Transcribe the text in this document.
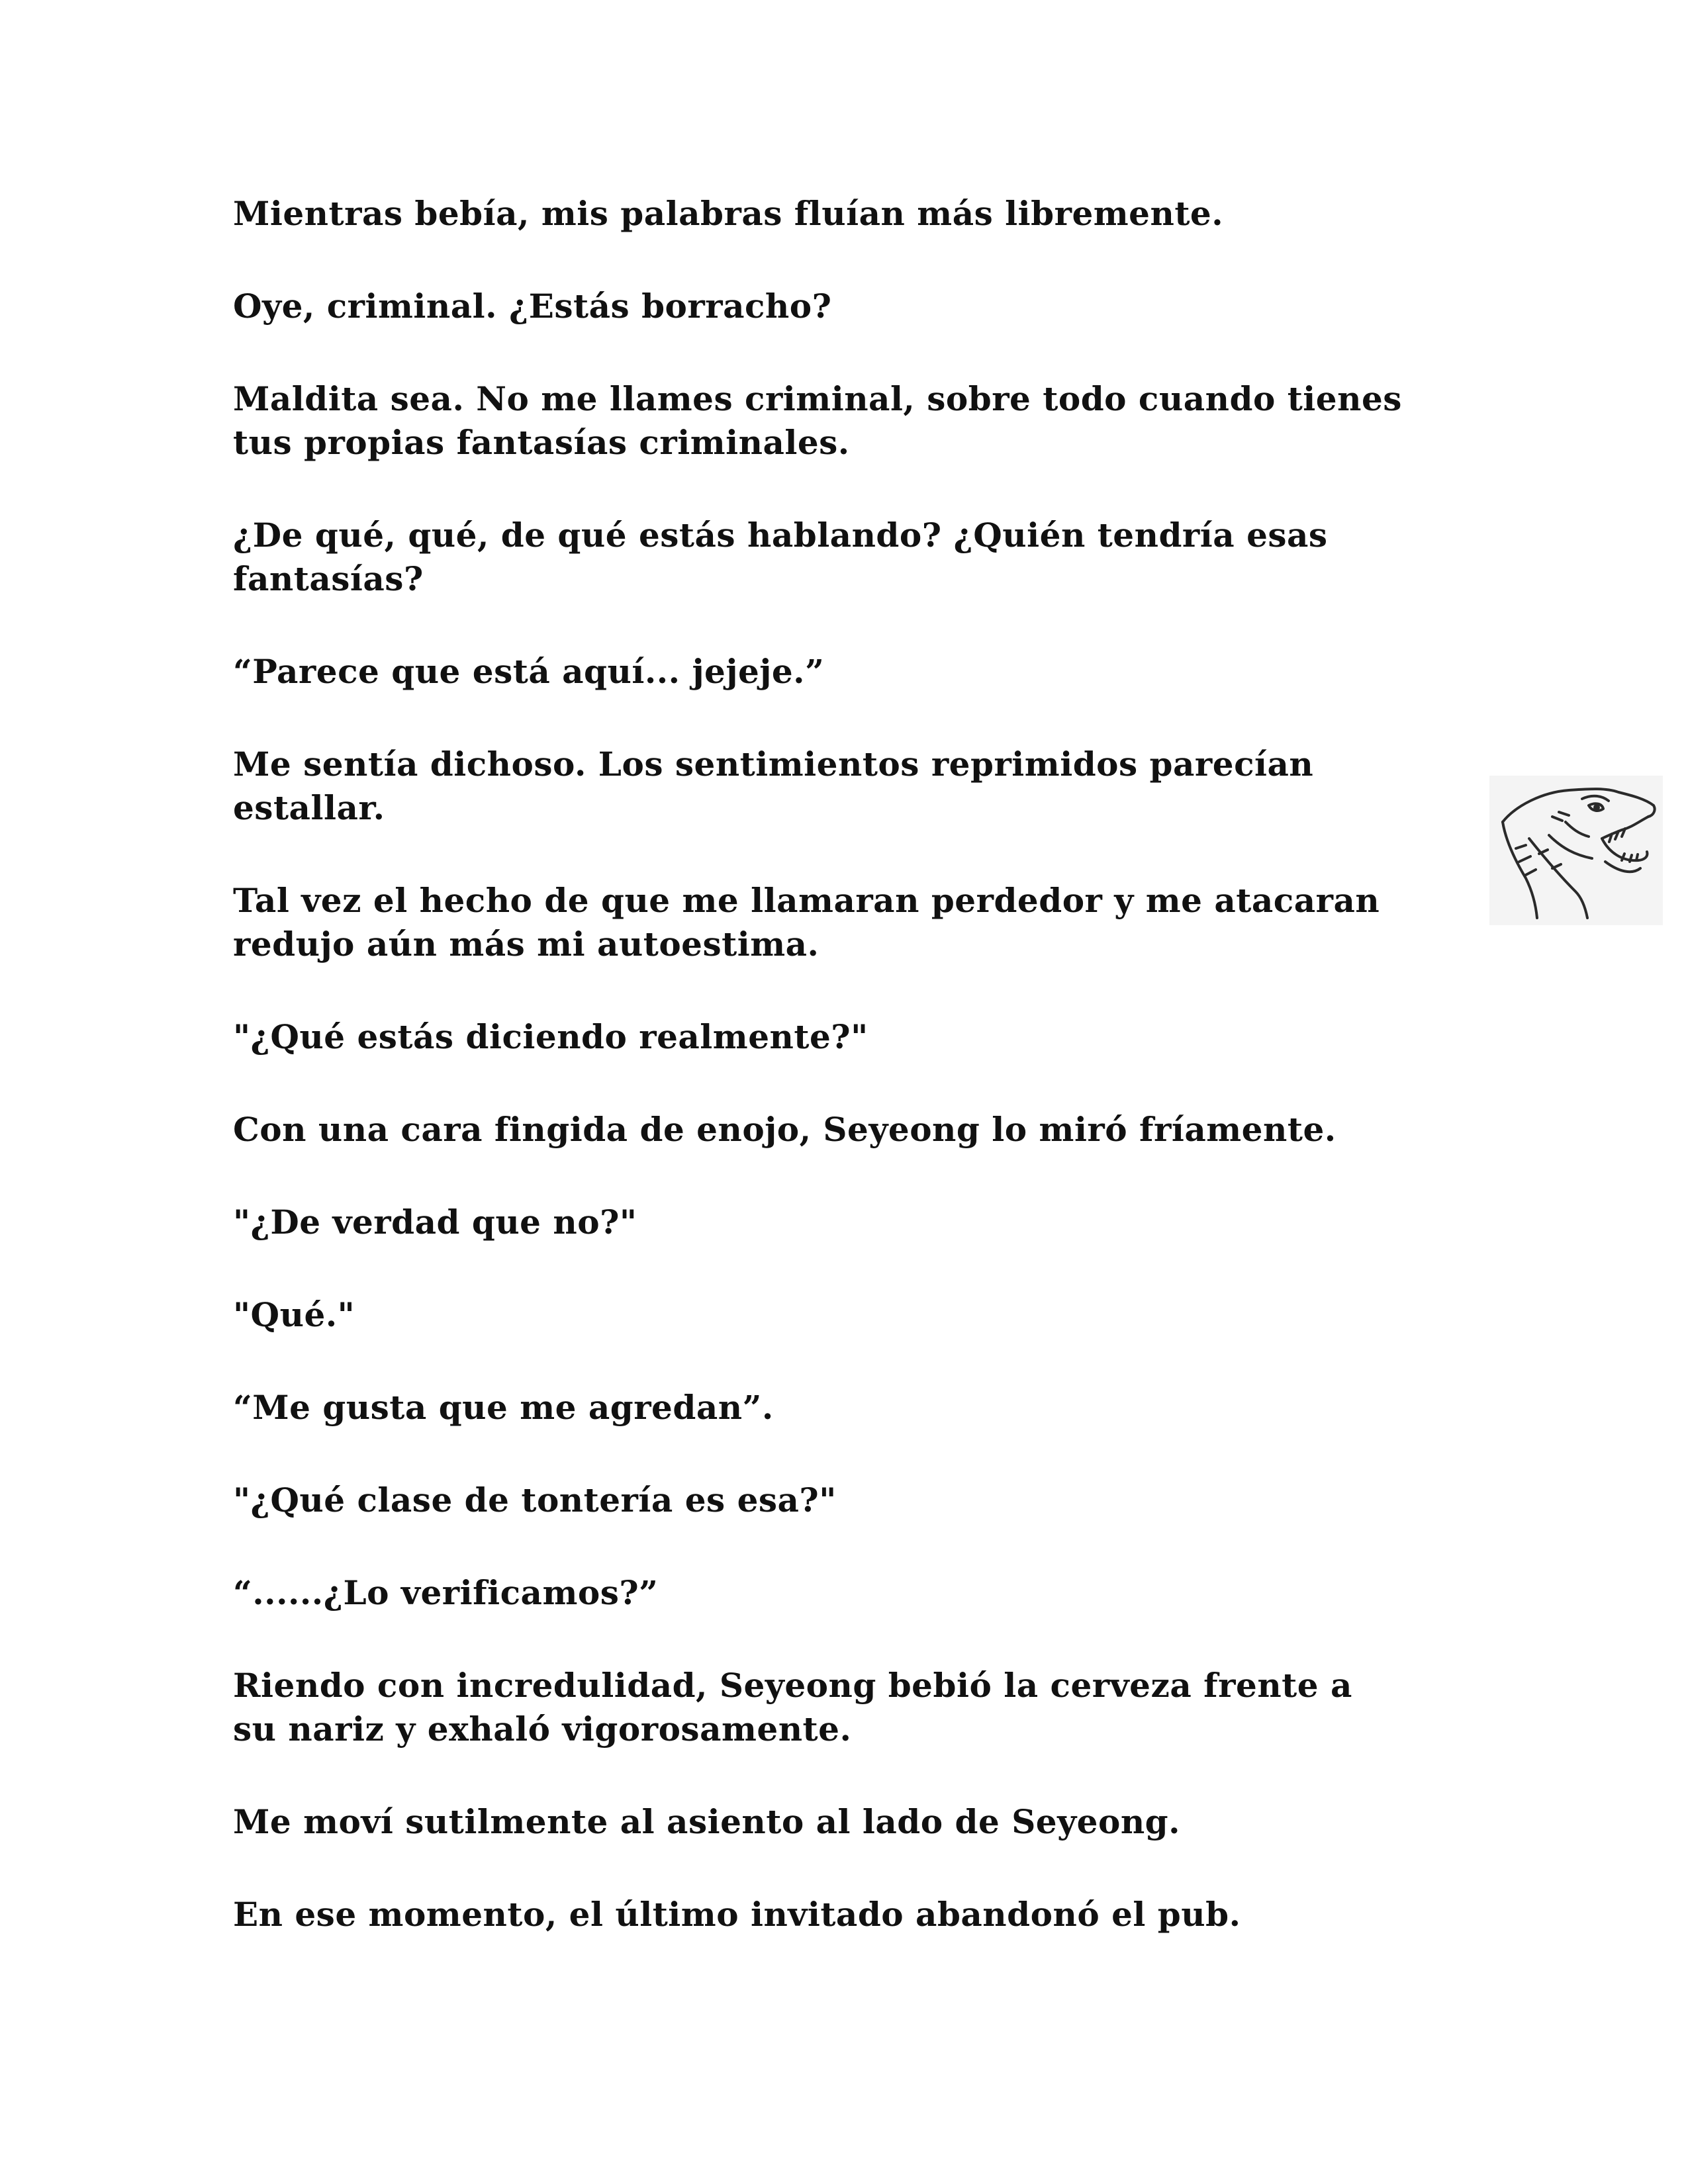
Mientras bebía, mis palabras fluían más libremente.

Oye, criminal. ¿Estás borracho?

Maldita sea. No me llames criminal, sobre todo cuando tienes
tus propias fantasías criminales.

¿De qué, qué, de qué estás hablando? ¿Quién tendría esas
fantasías?

“Parece que está aquí... jejeje.”

Me sentía dichoso. Los sentimientos reprimidos parecían
estallar.

Tal vez el hecho de que me llamaran perdedor y me atacaran
redujo aún más mi autoestima.

"¿Qué estás diciendo realmente?"

Con una cara fingida de enojo, Seyeong lo miró fríamente.

"¿De verdad que no?"

"Qué."

“Me gusta que me agredan”.

"¿Qué clase de tontería es esa?"

“......¿Lo verificamos?”

Riendo con incredulidad, Seyeong bebió la cerveza frente a
su nariz y exhaló vigorosamente.

Me moví sutilmente al asiento al lado de Seyeong.

En ese momento, el último invitado abandonó el pub.
